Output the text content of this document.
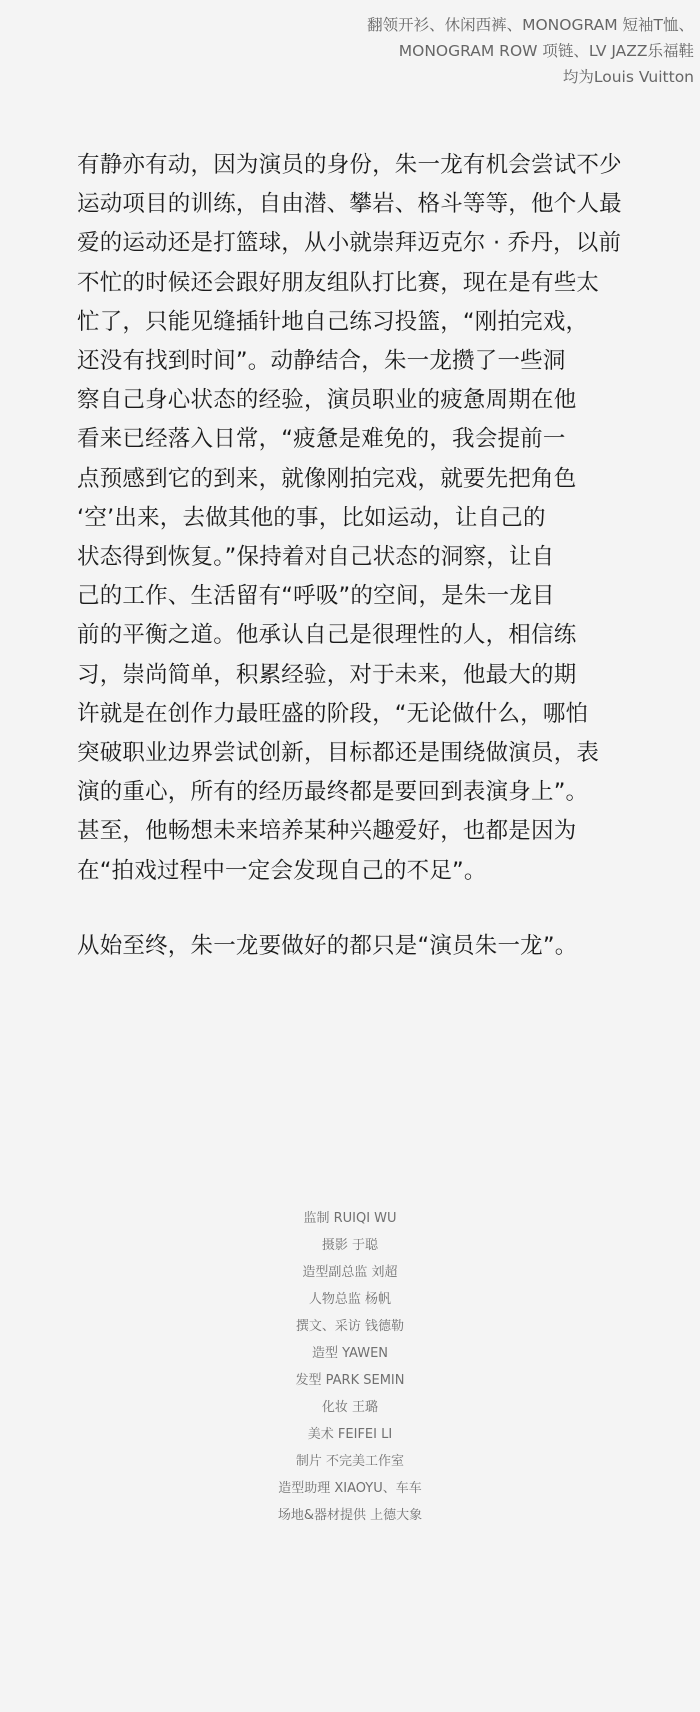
翻领开衫、休闲西裤、MONOGRAM 短袖T恤、
MONOGRAM ROW 项链、LV JAZZ乐福鞋
均为Louis Vuitton
有静亦有动，因为演员的身份，朱一龙有机会尝试不少
运动项目的训练，自由潜、攀岩、格斗等等，他个人最
爱的运动还是打篮球，从小就崇拜迈克尔 · 乔丹，以前
不忙的时候还会跟好朋友组队打比赛，现在是有些太
忙了，只能见缝插针地自己练习投篮，“刚拍完戏，
还没有找到时间”。动静结合，朱一龙攒了一些洞
察自己身心状态的经验，演员职业的疲惫周期在他
看来已经落入日常，“疲惫是难免的，我会提前一
点预感到它的到来，就像刚拍完戏，就要先把角色
‘空’出来，去做其他的事，比如运动，让自己的
状态得到恢复。”保持着对自己状态的洞察，让自
己的工作、生活留有“呼吸”的空间，是朱一龙目
前的平衡之道。他承认自己是很理性的人，相信练
习，崇尚简单，积累经验，对于未来，他最大的期
许就是在创作力最旺盛的阶段，“无论做什么，哪怕
突破职业边界尝试创新，目标都还是围绕做演员，表
演的重心，所有的经历最终都是要回到表演身上”。
甚至，他畅想未来培养某种兴趣爱好，也都是因为
在“拍戏过程中一定会发现自己的不足”。
从始至终，朱一龙要做好的都只是“演员朱一龙”。
监制 RUIQI WU
摄影 于聪
造型副总监 刘超
人物总监 杨帆
撰文、采访 钱德勒
造型 YAWEN
发型 PARK SEMIN
化妆 王璐
美术 FEIFEI LI
制片 不完美工作室
造型助理 XIAOYU、车车
场地&器材提供 上德大象
